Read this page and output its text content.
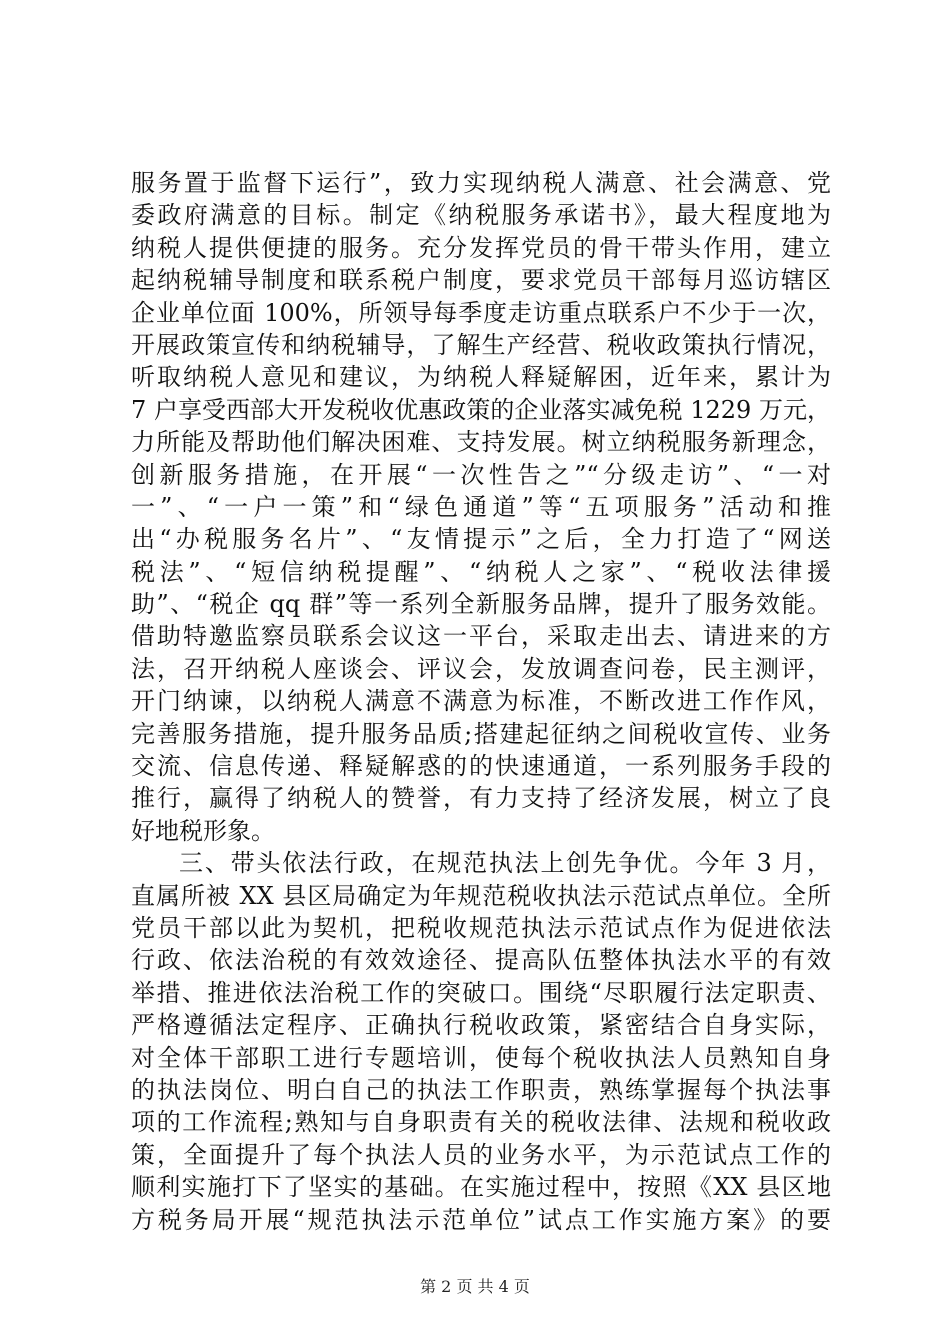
服务置于监督下运行”，致力实现纳税人满意、社会满意、党
委政府满意的目标。制定《纳税服务承诺书》，最大程度地为
纳税人提供便捷的服务。充分发挥党员的骨干带头作用，建立
起纳税辅导制度和联系税户制度，要求党员干部每月巡访辖区
企业单位面 100%，所领导每季度走访重点联系户不少于一次，
开展政策宣传和纳税辅导，了解生产经营、税收政策执行情况，
听取纳税人意见和建议，为纳税人释疑解困，近年来，累计为
7 户享受西部大开发税收优惠政策的企业落实减免税 1229 万元，
力所能及帮助他们解决困难、支持发展。树立纳税服务新理念，
创新服务措施，在开展“一次性告之”“分级走访”、“一对
一”、“一户一策”和“绿色通道”等“五项服务”活动和推
出“办税服务名片”、“友情提示”之后，全力打造了“网送
税法”、“短信纳税提醒”、“纳税人之家”、“税收法律援
助”、“税企 qq 群”等一系列全新服务品牌，提升了服务效能。
借助特邀监察员联系会议这一平台，采取走出去、请进来的方
法，召开纳税人座谈会、评议会，发放调查问卷，民主测评，
开门纳谏，以纳税人满意不满意为标准，不断改进工作作风，
完善服务措施，提升服务品质;搭建起征纳之间税收宣传、业务
交流、信息传递、释疑解惑的的快速通道，一系列服务手段的
推行，赢得了纳税人的赞誉，有力支持了经济发展，树立了良
好地税形象。
三、带头依法行政，在规范执法上创先争优。今年 3 月，
直属所被 XX 县区局确定为年规范税收执法示范试点单位。全所
党员干部以此为契机，把税收规范执法示范试点作为促进依法
行政、依法治税的有效效途径、提高队伍整体执法水平的有效
举措、推进依法治税工作的突破口。围绕“尽职履行法定职责、
严格遵循法定程序、正确执行税收政策，紧密结合自身实际，
对全体干部职工进行专题培训，使每个税收执法人员熟知自身
的执法岗位、明白自己的执法工作职责，熟练掌握每个执法事
项的工作流程;熟知与自身职责有关的税收法律、法规和税收政
策，全面提升了每个执法人员的业务水平，为示范试点工作的
顺利实施打下了坚实的基础。在实施过程中，按照《XX 县区地
方税务局开展“规范执法示范单位”试点工作实施方案》的要
第 2 页 共 4 页
